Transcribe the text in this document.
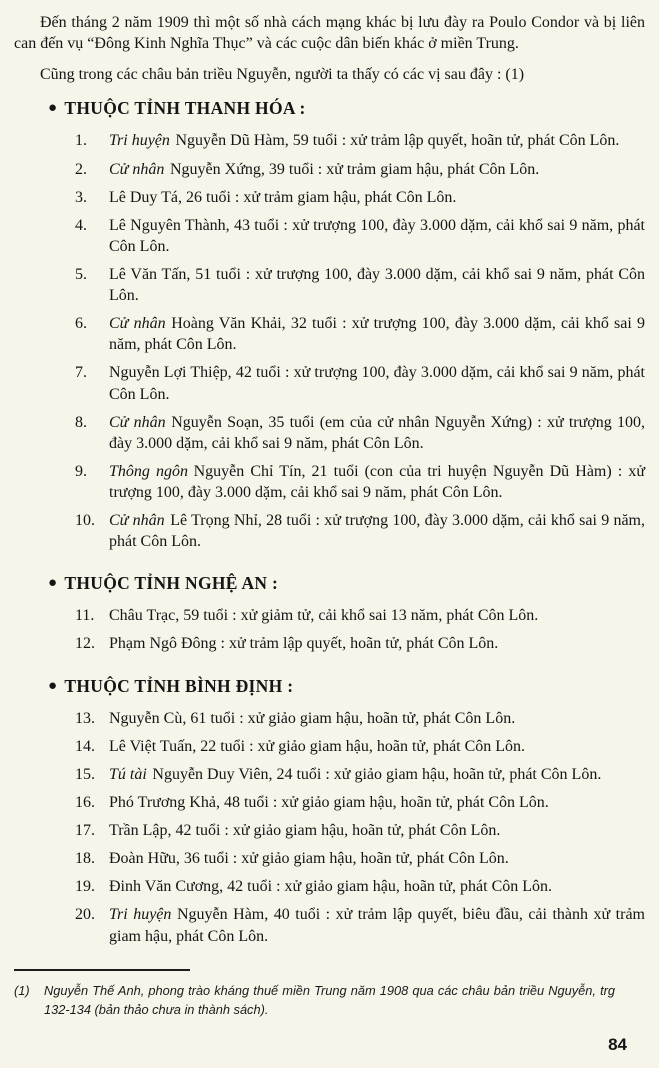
Đến tháng 2 năm 1909 thì một số nhà cách mạng khác bị lưu đày ra Poulo Condor và bị liên can đến vụ “Đông Kinh Nghĩa Thục” và các cuộc dân biến khác ở miền Trung.

Cũng trong các châu bản triều Nguyễn, người ta thấy có các vị sau đây : (1)

● THUỘC TỈNH THANH HÓA :
1.	Tri huyện Nguyễn Dũ Hàm, 59 tuổi : xử trảm lập quyết, hoãn tử, phát Côn Lôn.
2.	Cử nhân Nguyễn Xứng, 39 tuổi : xử trảm giam hậu, phát Côn Lôn.
3.	Lê Duy Tá, 26 tuổi : xử trảm giam hậu, phát Côn Lôn.
4.	Lê Nguyên Thành, 43 tuổi : xử trượng 100, đày 3.000 dặm, cải khổ sai 9 năm, phát Côn Lôn.
5.	Lê Văn Tấn, 51 tuổi : xử trượng 100, đày 3.000 dặm, cải khổ sai 9 năm, phát Côn Lôn.
6.	Cử nhân Hoàng Văn Khải, 32 tuổi : xử trượng 100, đày 3.000 dặm, cải khổ sai 9 năm, phát Côn Lôn.
7.	Nguyễn Lợi Thiệp, 42 tuổi : xử trượng 100, đày 3.000 dặm, cải khổ sai 9 năm, phát Côn Lôn.
8.	Cử nhân Nguyễn Soạn, 35 tuổi (em của cử nhân Nguyễn Xứng) : xử trượng 100, đày 3.000 dặm, cải khổ sai 9 năm, phát Côn Lôn.
9.	Thông ngôn Nguyễn Chỉ Tín, 21 tuổi (con của tri huyện Nguyễn Dũ Hàm) : xử trượng 100, đày 3.000 dặm, cải khổ sai 9 năm, phát Côn Lôn.
10. Cử nhân Lê Trọng Nhỉ, 28 tuổi : xử trượng 100, đày 3.000 dặm, cải khổ sai 9 năm, phát Côn Lôn.
● THUỘC TỈNH NGHỆ AN :
11. Châu Trạc, 59 tuổi : xử giảm tử, cải khổ sai 13 năm, phát Côn Lôn.
12. Phạm Ngô Đông : xử trảm lập quyết, hoãn tử, phát Côn Lôn.
● THUỘC TỈNH BÌNH ĐỊNH :
13. Nguyễn Cù, 61 tuổi : xử giảo giam hậu, hoãn tử, phát Côn Lôn.
14. Lê Việt Tuấn, 22 tuổi : xử giảo giam hậu, hoãn tử, phát Côn Lôn.
15. Tú tài Nguyễn Duy Viên, 24 tuổi : xử giảo giam hậu, hoãn tử, phát Côn Lôn.
16. Phó Trương Khả, 48 tuổi : xử giảo giam hậu, hoãn tử, phát Côn Lôn.
17. Trần Lập, 42 tuổi : xử giảo giam hậu, hoãn tử, phát Côn Lôn.
18. Đoàn Hữu, 36 tuổi : xử giảo giam hậu, hoãn tử, phát Côn Lôn.
19. Đinh Văn Cương, 42 tuổi : xử giảo giam hậu, hoãn tử, phát Côn Lôn.
20. Tri huyện Nguyễn Hàm, 40 tuổi : xử trảm lập quyết, biêu đầu, cải thành xử trảm giam hậu, phát Côn Lôn.
(1)	Nguyễn Thế Anh, phong trào kháng thuế miền Trung năm 1908 qua các châu bản triều Nguyễn, trg 132-134 (bản thảo chưa in thành sách).
84
